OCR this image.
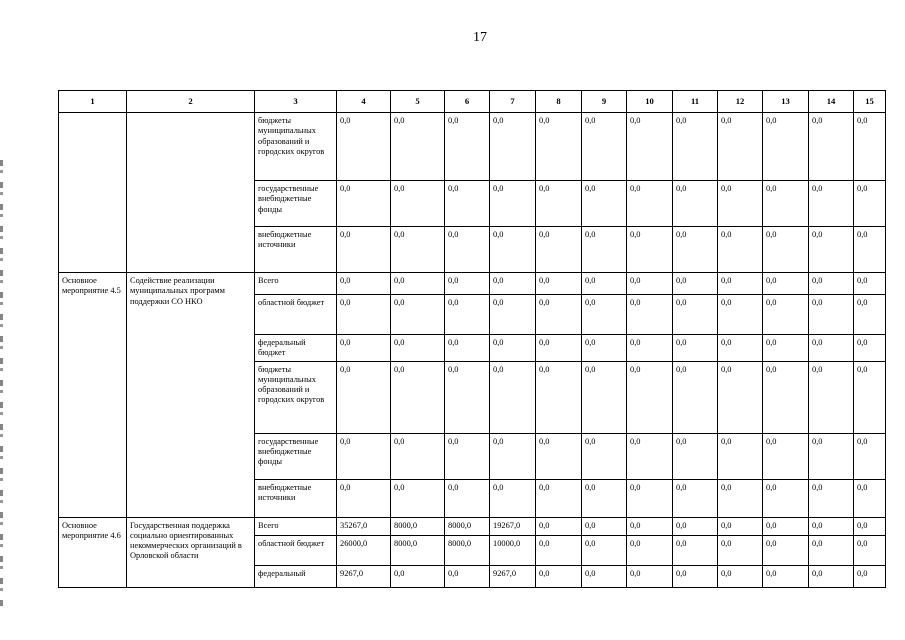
17
1	2	3	4	5	6	7	8	9	10	11	12	13	14	15
		бюджеты муниципальных образований и городских округов	0,0	0,0	0,0	0,0	0,0	0,0	0,0	0,0	0,0	0,0	0,0	0,0
		государственные внебюджетные фонды	0,0	0,0	0,0	0,0	0,0	0,0	0,0	0,0	0,0	0,0	0,0	0,0
		внебюджетные источники	0,0	0,0	0,0	0,0	0,0	0,0	0,0	0,0	0,0	0,0	0,0	0,0
Основное мероприятие 4.5	Содействие реализации муниципальных программ поддержки СО НКО	Всего	0,0	0,0	0,0	0,0	0,0	0,0	0,0	0,0	0,0	0,0	0,0	0,0
		областной бюджет	0,0	0,0	0,0	0,0	0,0	0,0	0,0	0,0	0,0	0,0	0,0	0,0
		федеральный бюджет	0,0	0,0	0,0	0,0	0,0	0,0	0,0	0,0	0,0	0,0	0,0	0,0
		бюджеты муниципальных образований и городских округов	0,0	0,0	0,0	0,0	0,0	0,0	0,0	0,0	0,0	0,0	0,0	0,0
		государственные внебюджетные фонды	0,0	0,0	0,0	0,0	0,0	0,0	0,0	0,0	0,0	0,0	0,0	0,0
		внебюджетные источники	0,0	0,0	0,0	0,0	0,0	0,0	0,0	0,0	0,0	0,0	0,0	0,0
Основное мероприятие 4.6	Государственная поддержка социально ориентированных некоммерческих организаций в Орловской области	Всего	35267,0	8000,0	8000,0	19267,0	0,0	0,0	0,0	0,0	0,0	0,0	0,0	0,0
		областной бюджет	26000,0	8000,0	8000,0	10000,0	0,0	0,0	0,0	0,0	0,0	0,0	0,0	0,0
		федеральный	9267,0	0,0	0,0	9267,0	0,0	0,0	0,0	0,0	0,0	0,0	0,0	0,0
